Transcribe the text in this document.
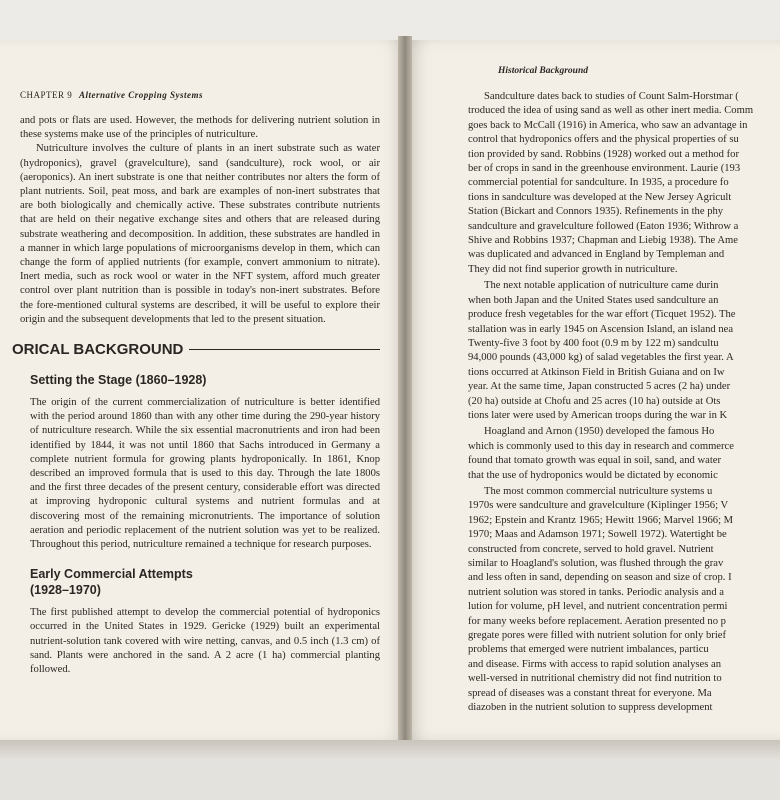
CHAPTER 9 Alternative Cropping Systems

and pots or flats are used. However, the methods for delivering nutrient solution in these systems make use of the principles of nutriculture.

Nutriculture involves the culture of plants in an inert substrate such as water (hydroponics), gravel (gravelculture), sand (sandculture), rock wool, or air (aeroponics). An inert substrate is one that neither contributes nor alters the form of plant nutrients. Soil, peat moss, and bark are examples of non-inert substrates that are both biologically and chemically active. These substrates contribute nutrients that are held on their negative exchange sites and others that are released during substrate weathering and decomposition. In addition, these substrates are handled in a manner in which large populations of microorganisms develop in them, which can change the form of applied nutrients (for example, convert ammonium to nitrate). Inert media, such as rock wool or water in the NFT system, afford much greater control over plant nutrition than is possible in today's non-inert substrates. Before the fore-mentioned cultural systems are described, it will be useful to explore their origin and the subsequent developments that led to the present situation.

ORICAL BACKGROUND
Setting the Stage (1860–1928)

The origin of the current commercialization of nutriculture is better identified with the period around 1860 than with any other time during the 290-year history of nutriculture research. While the six essential macronutrients and iron had been identified by 1844, it was not until 1860 that Sachs introduced in Germany a complete nutrient formula for growing plants hydroponically. In 1861, Knop described an improved formula that is used to this day. Through the late 1800s and the first three decades of the present century, considerable effort was directed at improving hydroponic cultural systems and nutrient formulas and at discovering most of the remaining micronutrients. The importance of solution aeration and periodic replacement of the nutrient solution was yet to be realized. Throughout this period, nutriculture remained a technique for research purposes.

Early Commercial Attempts
(1928–1970)

The first published attempt to develop the commercial potential of hydroponics occurred in the United States in 1929. Gericke (1929) built an experimental nutrient-solution tank covered with wire netting, canvas, and 0.5 inch (1.3 cm) of sand. Plants were anchored in the sand. A 2 acre (1 ha) commercial planting followed.

Historical Background
Sandculture dates back to studies of Count Salm-Horstmar (
troduced the idea of using sand as well as other inert media. Comm
goes back to McCall (1916) in America, who saw an advantage in
control that hydroponics offers and the physical properties of su
tion provided by sand. Robbins (1928) worked out a method for
ber of crops in sand in the greenhouse environment. Laurie (193
commercial potential for sandculture. In 1935, a procedure fo
tions in sandculture was developed at the New Jersey Agricult
Station (Bickart and Connors 1935). Refinements in the phy
sandculture and gravelculture followed (Eaton 1936; Withrow a
Shive and Robbins 1937; Chapman and Liebig 1938). The Ame
was duplicated and advanced in England by Templeman and
They did not find superior growth in nutriculture.
The next notable application of nutriculture came durin
when both Japan and the United States used sandculture an
produce fresh vegetables for the war effort (Ticquet 1952). The
stallation was in early 1945 on Ascension Island, an island nea
Twenty-five 3 foot by 400 foot (0.9 m by 122 m) sandcultu
94,000 pounds (43,000 kg) of salad vegetables the first year. A
tions occurred at Atkinson Field in British Guiana and on Iw
year. At the same time, Japan constructed 5 acres (2 ha) under
(20 ha) outside at Chofu and 25 acres (10 ha) outside at Ots
tions later were used by American troops during the war in K
Hoagland and Arnon (1950) developed the famous Ho
which is commonly used to this day in research and commerce
found that tomato growth was equal in soil, sand, and water
that the use of hydroponics would be dictated by economic
The most common commercial nutriculture systems u
1970s were sandculture and gravelculture (Kiplinger 1956; V
1962; Epstein and Krantz 1965; Hewitt 1966; Marvel 1966; M
1970; Maas and Adamson 1971; Sowell 1972). Watertight be
constructed from concrete, served to hold gravel. Nutrient
similar to Hoagland's solution, was flushed through the grav
and less often in sand, depending on season and size of crop. I
nutrient solution was stored in tanks. Periodic analysis and a
lution for volume, pH level, and nutrient concentration permi
for many weeks before replacement. Aeration presented no p
gregate pores were filled with nutrient solution for only brief
problems that emerged were nutrient imbalances, particu
and disease. Firms with access to rapid solution analyses an
well-versed in nutritional chemistry did not find nutrition to
spread of diseases was a constant threat for everyone. Ma
diazoben in the nutrient solution to suppress development
